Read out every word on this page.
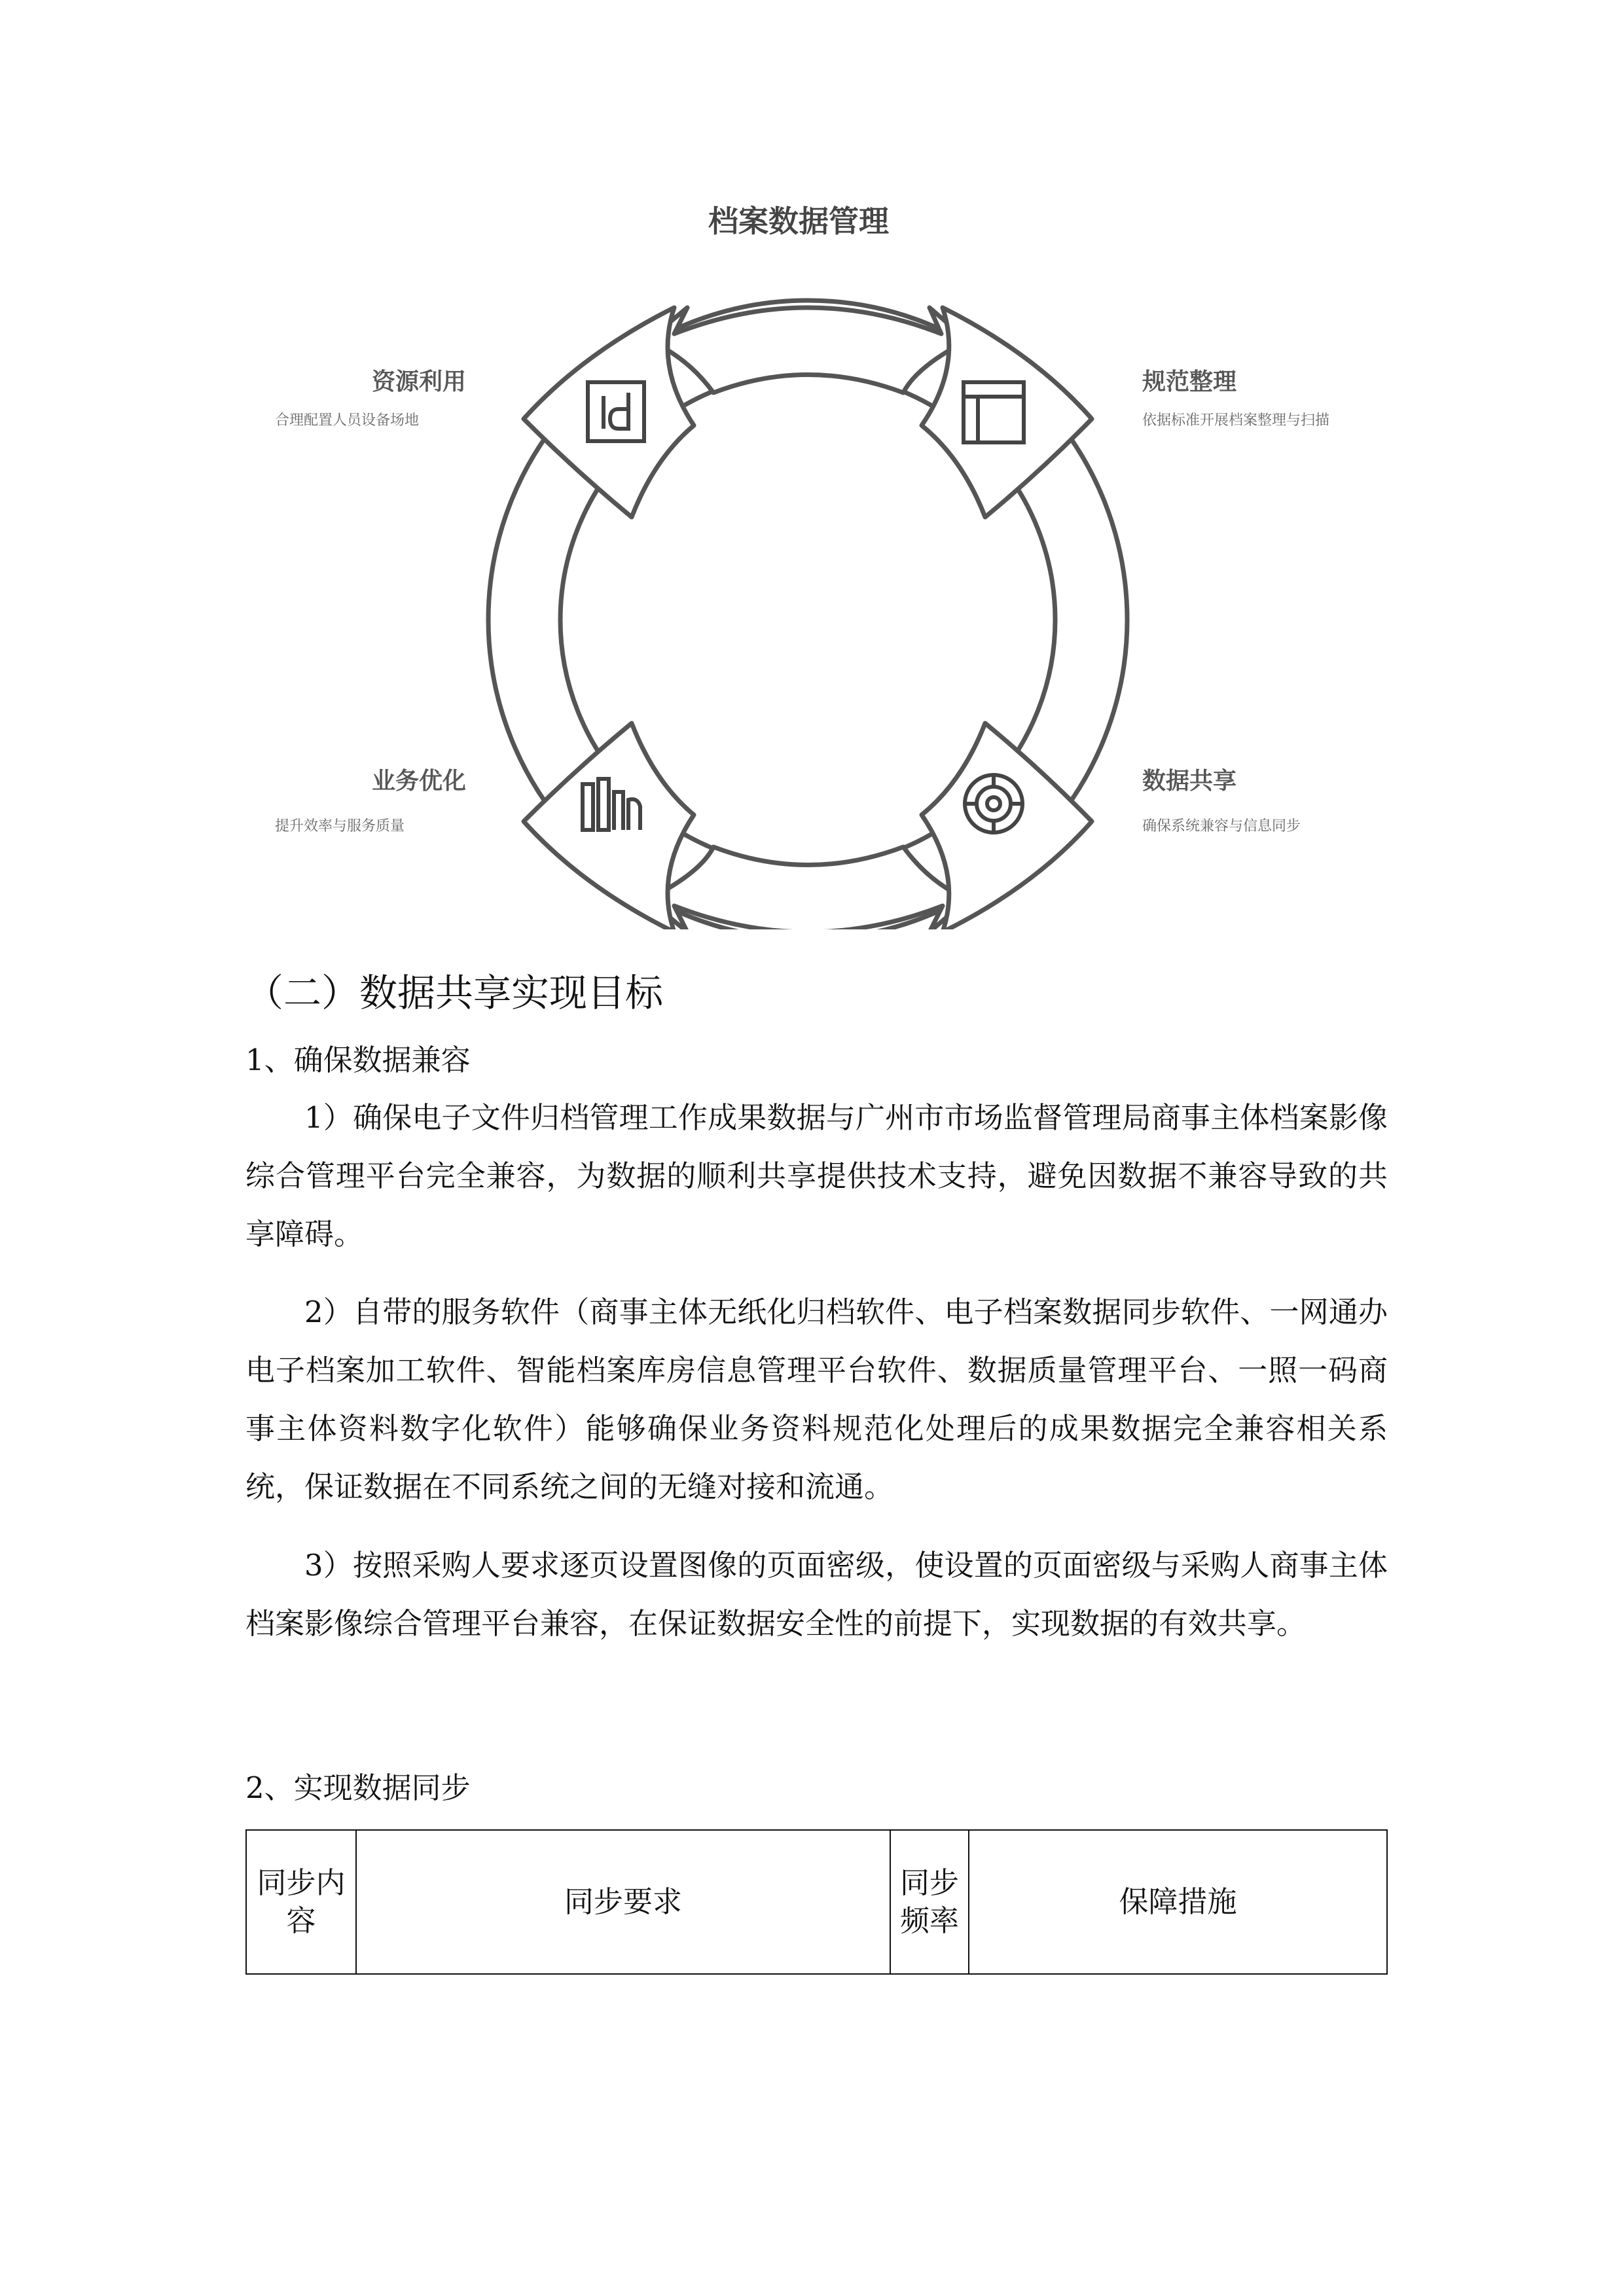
档案数据管理
资源利用
合理配置人员设备场地
规范整理
依据标准开展档案整理与扫描
业务优化
提升效率与服务质量
数据共享
确保系统兼容与信息同步
（二）数据共享实现目标
1、确保数据兼容

1）确保电子文件归档管理工作成果数据与广州市市场监督管理局商事主体档案影像综合管理平台完全兼容，为数据的顺利共享提供技术支持，避免因数据不兼容导致的共享障碍。

2）自带的服务软件（商事主体无纸化归档软件、电子档案数据同步软件、一网通办电子档案加工软件、智能档案库房信息管理平台软件、数据质量管理平台、一照一码商事主体资料数字化软件）能够确保业务资料规范化处理后的成果数据完全兼容相关系统，保证数据在不同系统之间的无缝对接和流通。

3）按照采购人要求逐页设置图像的页面密级，使设置的页面密级与采购人商事主体档案影像综合管理平台兼容，在保证数据安全性的前提下，实现数据的有效共享。

2、实现数据同步
同步内容	同步要求	同步频率	保障措施
